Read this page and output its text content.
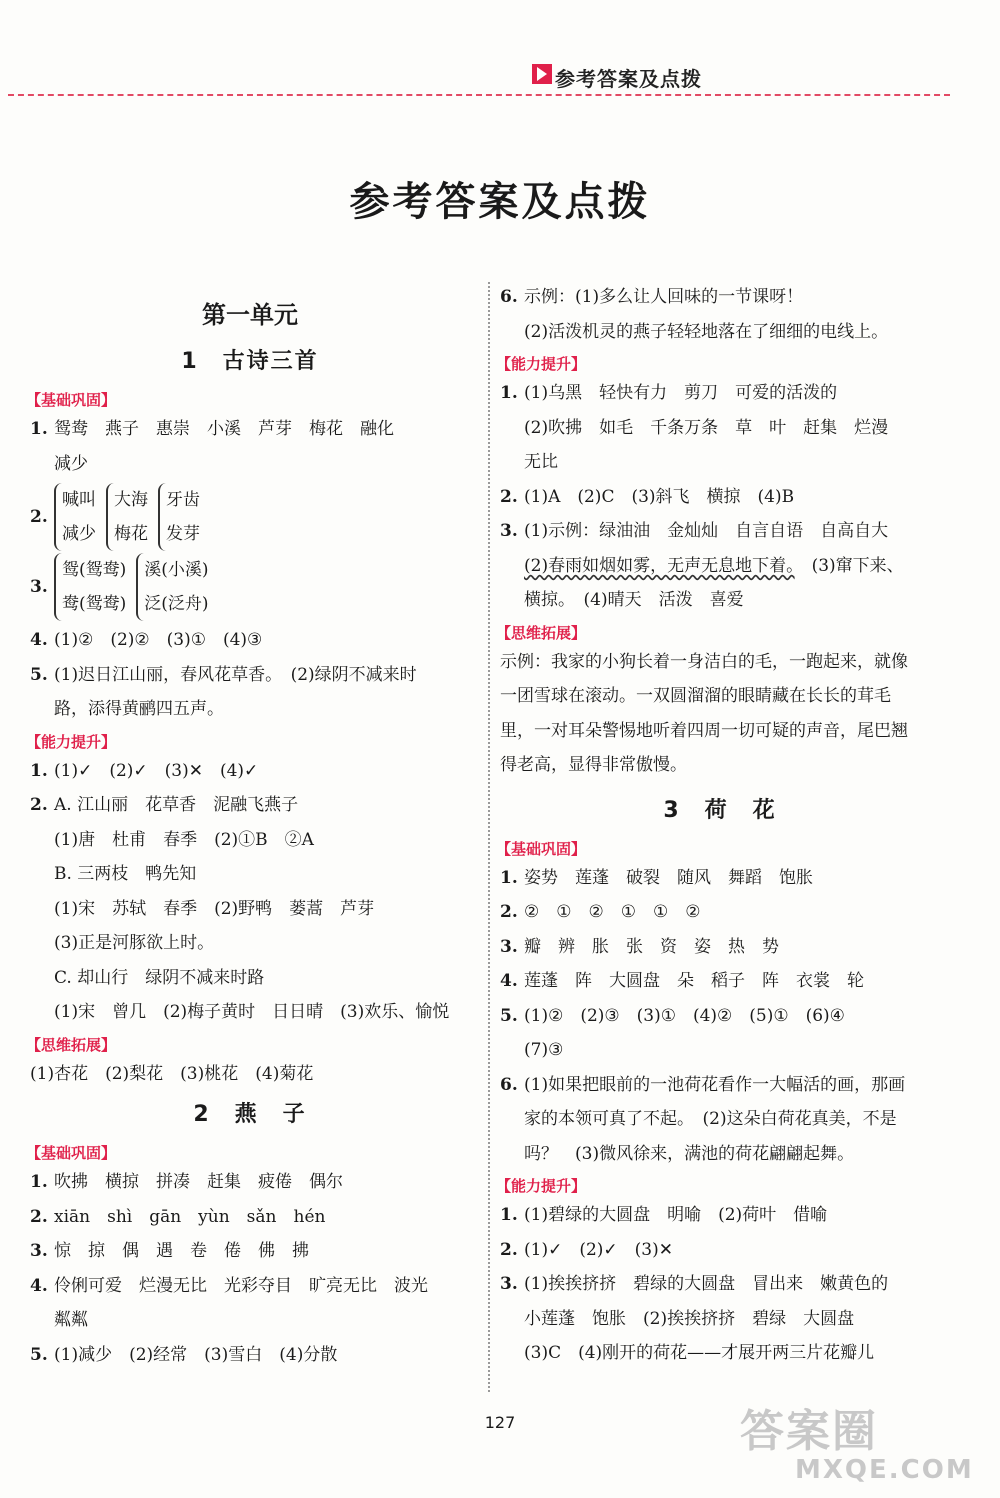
参考答案及点拨
参考答案及点拨
第一单元
1　古诗三首
【基础巩固】
1. 鸳鸯　燕子　惠崇　小溪　芦芽　梅花　融化
减少
2.
喊叫
减少
大海
梅花
牙齿
发芽
3.
鸳(鸳鸯)
鸯(鸳鸯)
溪(小溪)
泛(泛舟)
4. (1)②　(2)②　(3)①　(4)③
5. (1)迟日江山丽，春风花草香。　(2)绿阴不减来时
路，添得黄鹂四五声。
【能力提升】
1. (1)✓　(2)✓　(3)✕　(4)✓
2. A. 江山丽　花草香　泥融飞燕子
(1)唐　杜甫　春季　(2)①B　②A
B. 三两枝　鸭先知
(1)宋　苏轼　春季　(2)野鸭　蒌蒿　芦芽
(3)正是河豚欲上时。
C. 却山行　绿阴不减来时路
(1)宋　曾几　(2)梅子黄时　日日晴　(3)欢乐、愉悦
【思维拓展】
(1)杏花　(2)梨花　(3)桃花　(4)菊花
2　燕　子
【基础巩固】
1. 吹拂　横掠　拼凑　赶集　疲倦　偶尔
2. xiān　shì　gān　yùn　sǎn　hén
3. 惊　掠　偶　遇　卷　倦　佛　拂
4. 伶俐可爱　烂漫无比　光彩夺目　旷亮无比　波光
粼粼
5. (1)减少　(2)经常　(3)雪白　(4)分散
6. 示例：(1)多么让人回味的一节课呀！
(2)活泼机灵的燕子轻轻地落在了细细的电线上。
【能力提升】
1. (1)乌黑　轻快有力　剪刀　可爱的活泼的
(2)吹拂　如毛　千条万条　草　叶　赶集　烂漫
无比
2. (1)A　(2)C　(3)斜飞　横掠　(4)B
3. (1)示例：绿油油　金灿灿　自言自语　自高自大
(2)春雨如烟如雾，无声无息地下着。　(3)窜下来、
横掠。　(4)晴天　活泼　喜爱
【思维拓展】
示例：我家的小狗长着一身洁白的毛，一跑起来，就像
一团雪球在滚动。一双圆溜溜的眼睛藏在长长的茸毛
里，一对耳朵警惕地听着四周一切可疑的声音，尾巴翘
得老高，显得非常傲慢。
3　荷　花
【基础巩固】
1. 姿势　莲蓬　破裂　随风　舞蹈　饱胀
2. ②　①　②　①　①　②
3. 瓣　辨　胀　张　资　姿　热　势
4. 莲蓬　阵　大圆盘　朵　稻子　阵　衣裳　轮
5. (1)②　(2)③　(3)①　(4)②　(5)①　(6)④
(7)③
6. (1)如果把眼前的一池荷花看作一大幅活的画，那画
家的本领可真了不起。　(2)这朵白荷花真美，不是
吗？　(3)微风徐来，满池的荷花翩翩起舞。
【能力提升】
1. (1)碧绿的大圆盘　明喻　(2)荷叶　借喻
2. (1)✓　(2)✓　(3)✕
3. (1)挨挨挤挤　碧绿的大圆盘　冒出来　嫩黄色的
小莲蓬　饱胀　(2)挨挨挤挤　碧绿　大圆盘
(3)C　(4)刚开的荷花——才展开两三片花瓣儿
127	答案圈
MXQE.COM
